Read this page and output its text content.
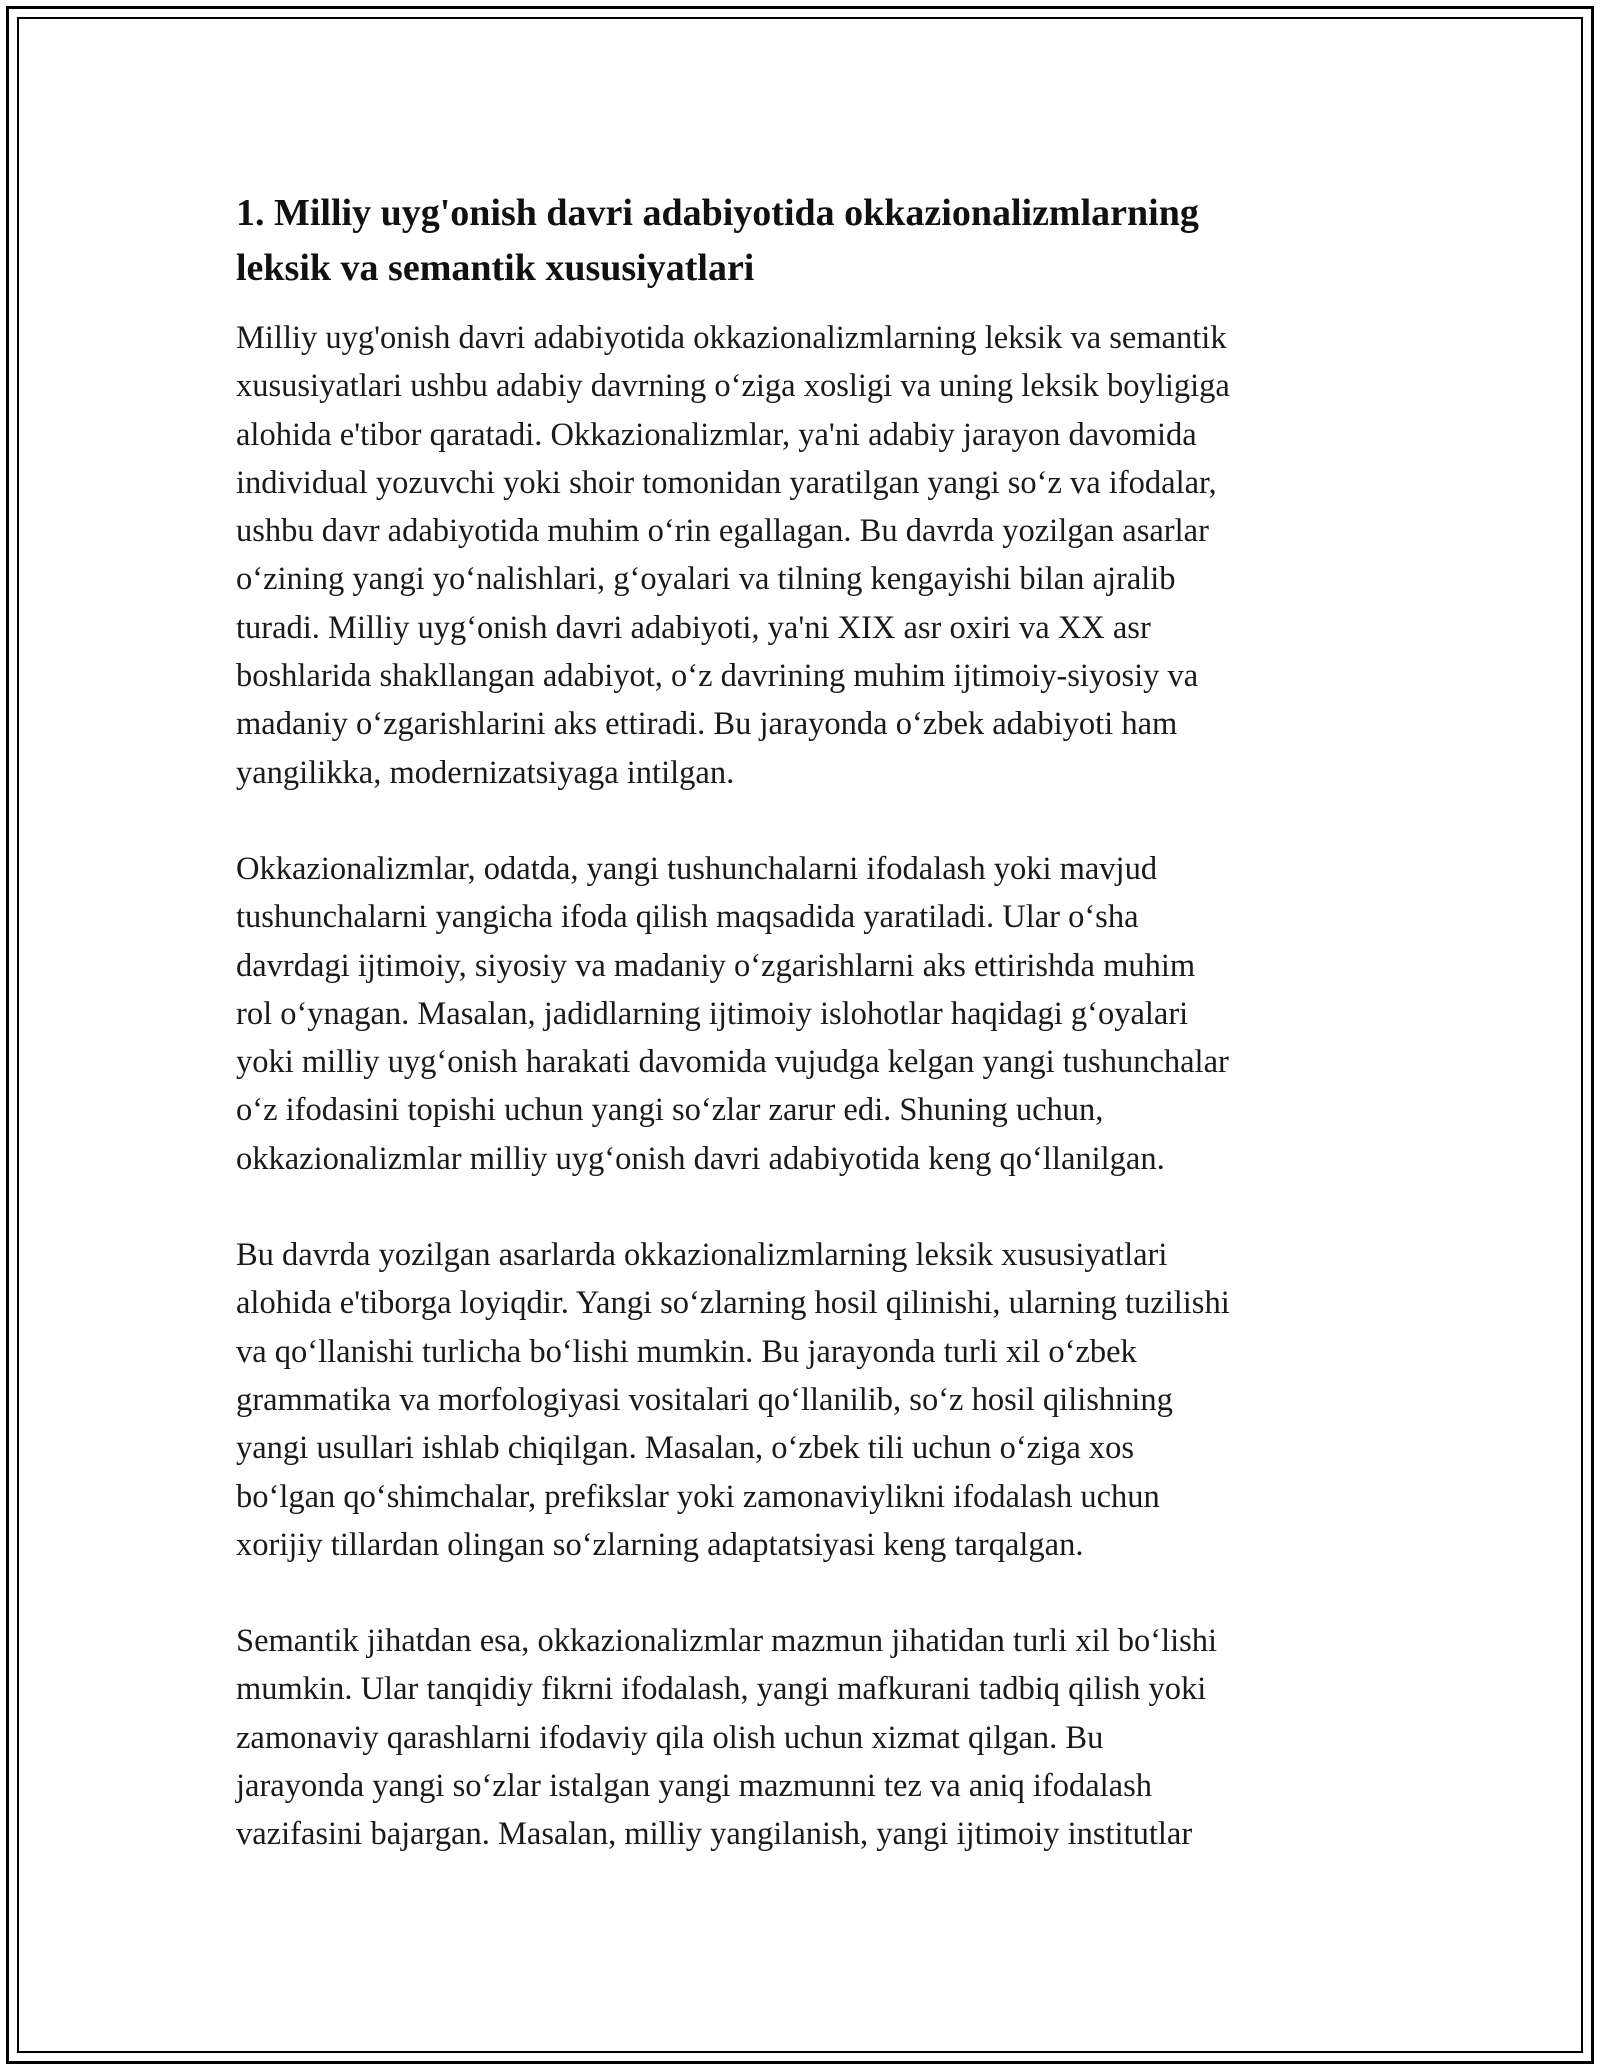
1. Milliy uyg'onish davri adabiyotida okkazionalizmlarning
leksik va semantik xususiyatlari

Milliy uyg'onish davri adabiyotida okkazionalizmlarning leksik va semantik
xususiyatlari ushbu adabiy davrning o‘ziga xosligi va uning leksik boyligiga
alohida e'tibor qaratadi. Okkazionalizmlar, ya'ni adabiy jarayon davomida
individual yozuvchi yoki shoir tomonidan yaratilgan yangi so‘z va ifodalar,
ushbu davr adabiyotida muhim o‘rin egallagan. Bu davrda yozilgan asarlar
o‘zining yangi yo‘nalishlari, g‘oyalari va tilning kengayishi bilan ajralib
turadi. Milliy uyg‘onish davri adabiyoti, ya'ni XIX asr oxiri va XX asr
boshlarida shakllangan adabiyot, o‘z davrining muhim ijtimoiy-siyosiy va
madaniy o‘zgarishlarini aks ettiradi. Bu jarayonda o‘zbek adabiyoti ham
yangilikka, modernizatsiyaga intilgan.

Okkazionalizmlar, odatda, yangi tushunchalarni ifodalash yoki mavjud
tushunchalarni yangicha ifoda qilish maqsadida yaratiladi. Ular o‘sha
davrdagi ijtimoiy, siyosiy va madaniy o‘zgarishlarni aks ettirishda muhim
rol o‘ynagan. Masalan, jadidlarning ijtimoiy islohotlar haqidagi g‘oyalari
yoki milliy uyg‘onish harakati davomida vujudga kelgan yangi tushunchalar
o‘z ifodasini topishi uchun yangi so‘zlar zarur edi. Shuning uchun,
okkazionalizmlar milliy uyg‘onish davri adabiyotida keng qo‘llanilgan.

Bu davrda yozilgan asarlarda okkazionalizmlarning leksik xususiyatlari
alohida e'tiborga loyiqdir. Yangi so‘zlarning hosil qilinishi, ularning tuzilishi
va qo‘llanishi turlicha bo‘lishi mumkin. Bu jarayonda turli xil o‘zbek
grammatika va morfologiyasi vositalari qo‘llanilib, so‘z hosil qilishning
yangi usullari ishlab chiqilgan. Masalan, o‘zbek tili uchun o‘ziga xos
bo‘lgan qo‘shimchalar, prefikslar yoki zamonaviylikni ifodalash uchun
xorijiy tillardan olingan so‘zlarning adaptatsiyasi keng tarqalgan.

Semantik jihatdan esa, okkazionalizmlar mazmun jihatidan turli xil bo‘lishi
mumkin. Ular tanqidiy fikrni ifodalash, yangi mafkurani tadbiq qilish yoki
zamonaviy qarashlarni ifodaviy qila olish uchun xizmat qilgan. Bu
jarayonda yangi so‘zlar istalgan yangi mazmunni tez va aniq ifodalash
vazifasini bajargan. Masalan, milliy yangilanish, yangi ijtimoiy institutlar
